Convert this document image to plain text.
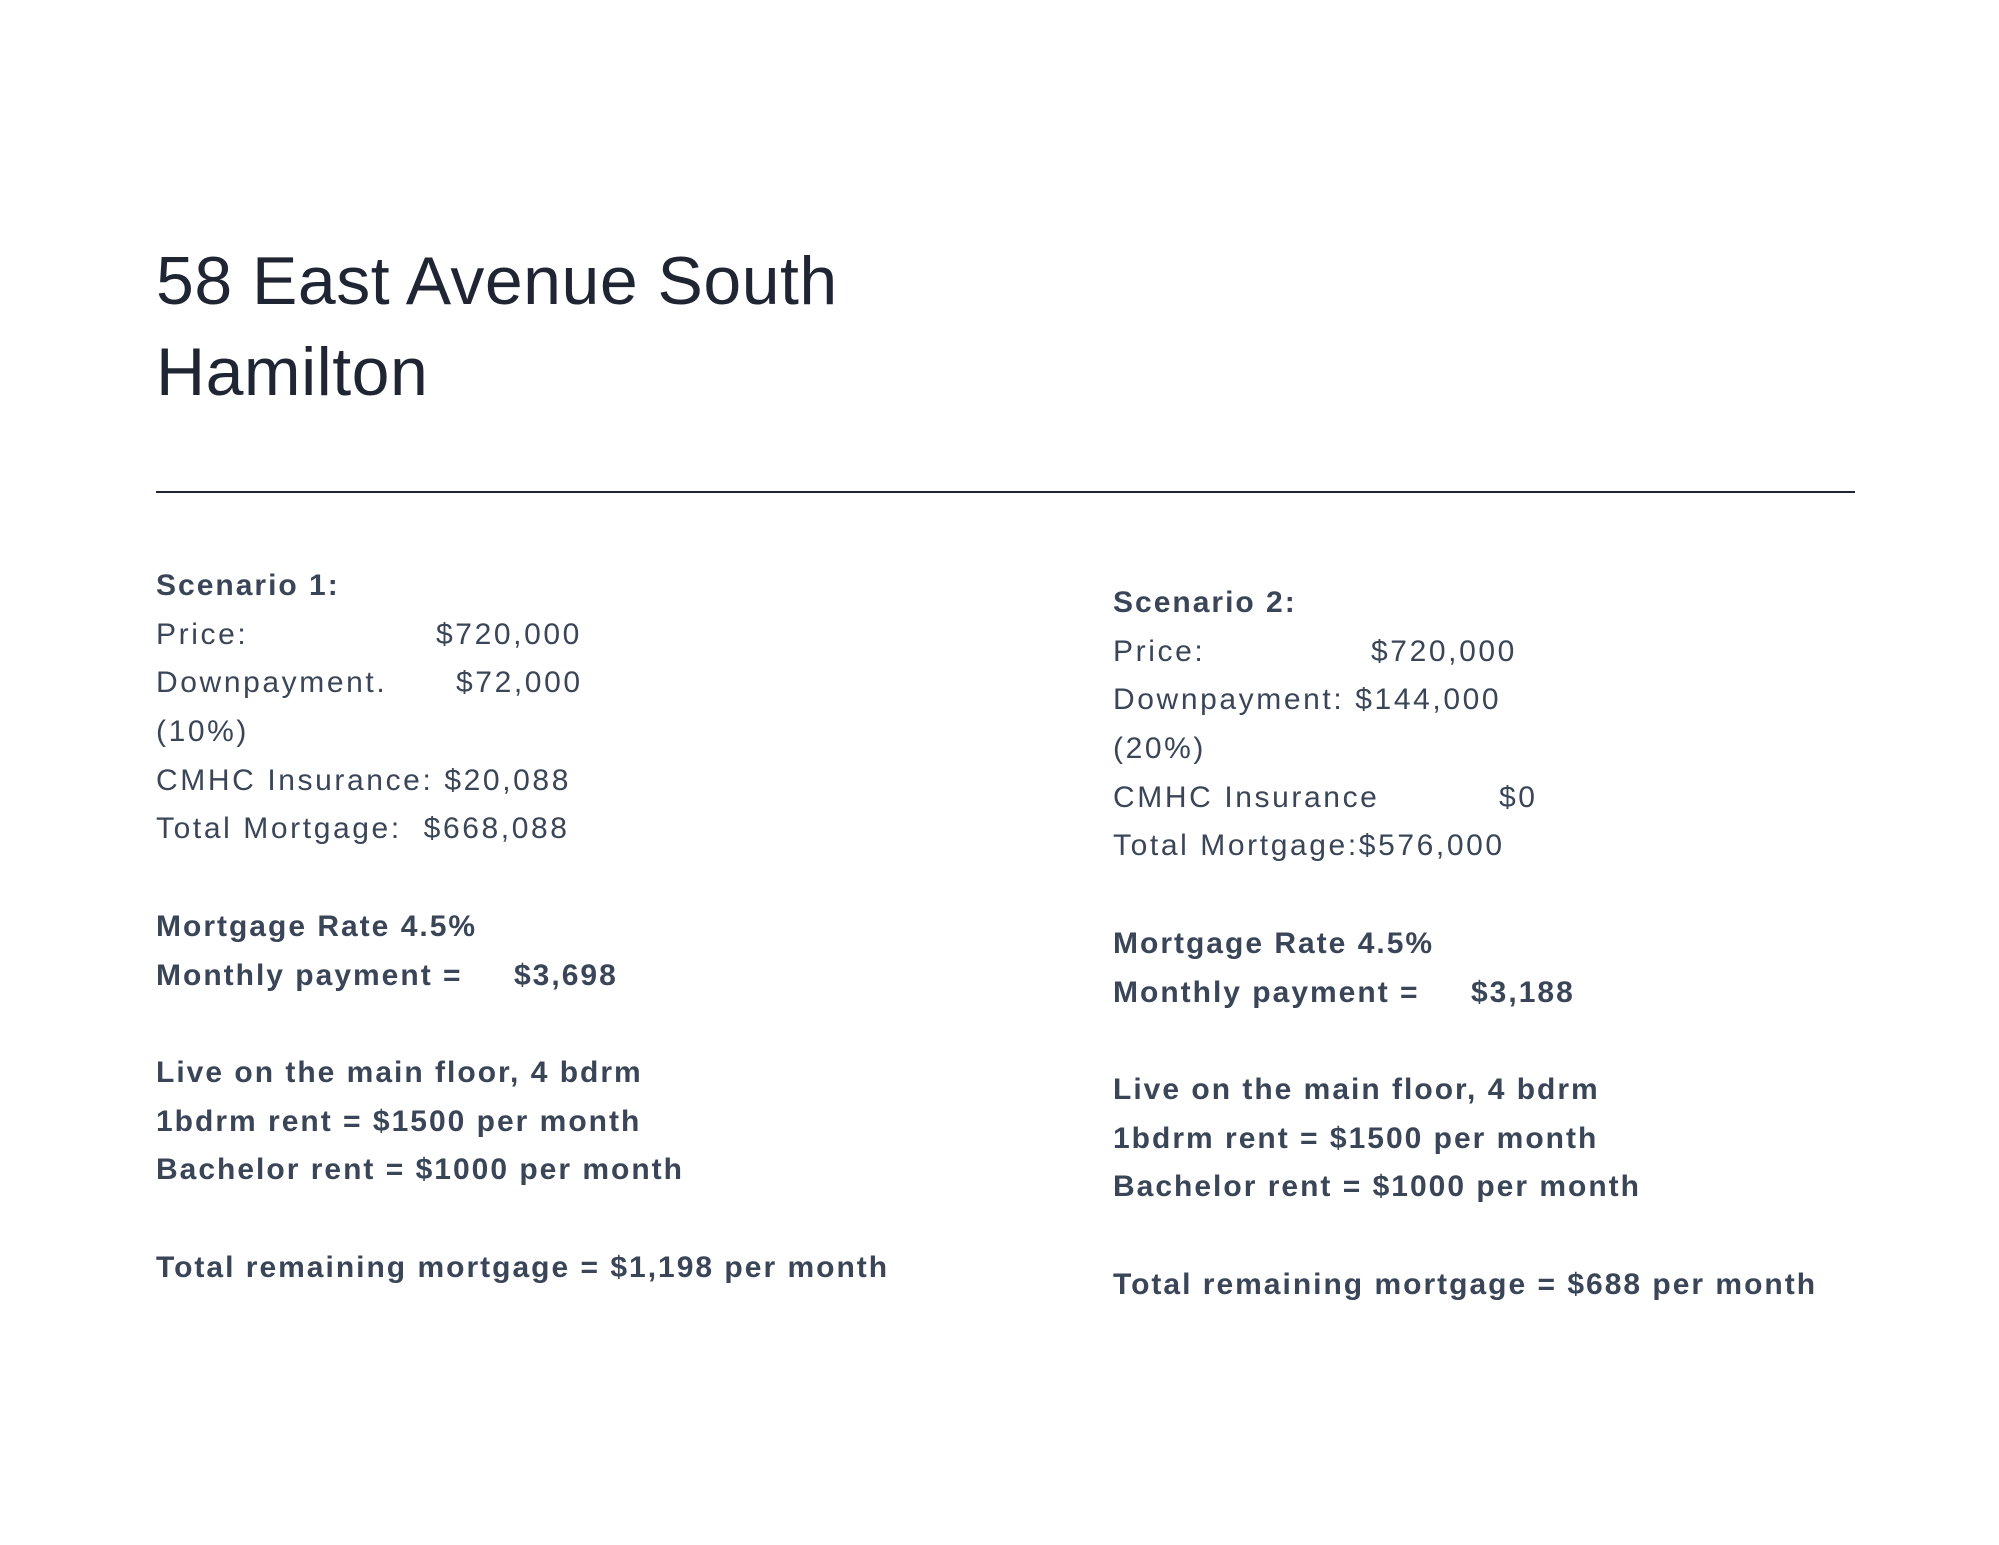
58 East Avenue South
Hamilton
Scenario 1:
Price:	$720,000
Downpayment. $72,000
(10%)
CMHC Insurance: $20,088
Total Mortgage: $668,088
Mortgage Rate 4.5%
Monthly payment = $3,698
Live on the main floor, 4 bdrm
1bdrm rent = $1500 per month
Bachelor rent = $1000 per month
Total remaining mortgage = $1,198 per month
Scenario 2:
Price:	$720,000
Downpayment: $144,000
(20%)
CMHC Insurance	$0
Total Mortgage:$576,000
Mortgage Rate 4.5%
Monthly payment = $3,188
Live on the main floor, 4 bdrm
1bdrm rent = $1500 per month
Bachelor rent = $1000 per month
Total remaining mortgage = $688 per month
